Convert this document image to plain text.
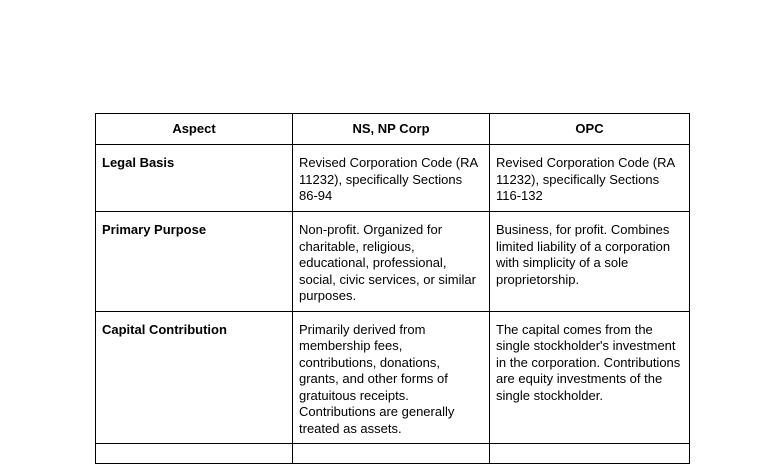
Aspect	NS, NP Corp	OPC
Legal Basis	Revised Corporation Code (RA 11232), specifically Sections 86-94	Revised Corporation Code (RA 11232), specifically Sections 116-132
Primary Purpose	Non-profit. Organized for charitable, religious, educational, professional, social, civic services, or similar purposes.	Business, for profit. Combines limited liability of a corporation with simplicity of a sole proprietorship.
Capital Contribution	Primarily derived from membership fees, contributions, donations, grants, and other forms of gratuitous receipts. Contributions are generally treated as assets.	The capital comes from the single stockholder's investment in the corporation. Contributions are equity investments of the single stockholder.
